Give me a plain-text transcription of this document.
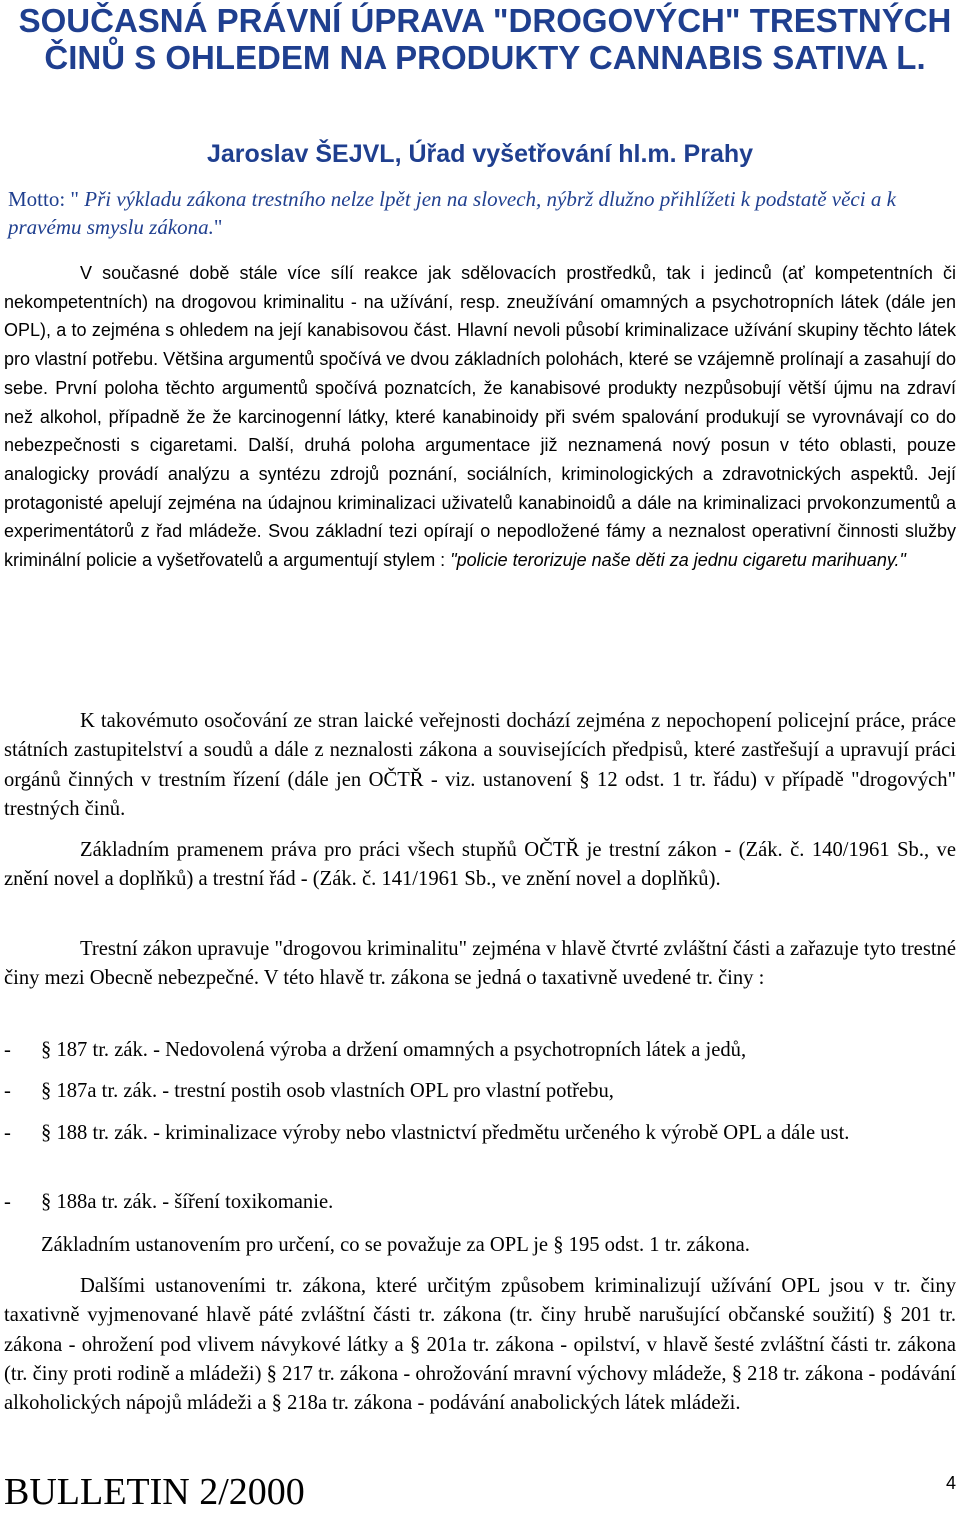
SOUČASNÁ PRÁVNÍ ÚPRAVA "DROGOVÝCH" TRESTNÝCH ČINŮ S OHLEDEM NA PRODUKTY CANNABIS SATIVA L.
Jaroslav ŠEJVL, Úřad vyšetřování hl.m. Prahy

Motto: " Při výkladu zákona trestního nelze lpět jen na slovech, nýbrž dlužno přihlížeti k podstatě věci a k pravému smyslu zákona."

V současné době stále více sílí reakce jak sdělovacích prostředků, tak i jedinců (ať kompetentních či nekompetentních) na drogovou kriminalitu - na užívání, resp. zneužívání omamných a psychotropních látek (dále jen OPL), a to zejména s ohledem na její kanabisovou část. Hlavní nevoli působí kriminalizace užívání skupiny těchto látek pro vlastní potřebu. Většina argumentů spočívá ve dvou základních polohách, které se vzájemně prolínají a zasahují do sebe. První poloha těchto argumentů spočívá poznatcích, že kanabisové produkty nezpůsobují větší újmu na zdraví než alkohol, případně že že karcinogenní látky, které kanabinoidy při svém spalování produkují se vyrovnávají co do nebezpečnosti s cigaretami. Další, druhá poloha argumentace již neznamená nový posun v této oblasti, pouze analogicky provádí analýzu a syntézu zdrojů poznání, sociálních, kriminologických a zdravotnických aspektů. Její protagonisté apelují zejména na údajnou kriminalizaci uživatelů kanabinoidů a dále na kriminalizaci prvokonzumentů a experimentátorů z řad mládeže. Svou základní tezi opírají o nepodložené fámy a neznalost operativní činnosti služby kriminální policie a vyšetřovatelů a argumentují stylem : "policie terorizuje naše děti za jednu cigaretu marihuany."

K takovémuto osočování ze stran laické veřejnosti dochází zejména z nepochopení policejní práce, práce státních zastupitelství a soudů a dále z neznalosti zákona a souvisejících předpisů, které zastřešují a upravují práci orgánů činných v trestním řízení (dále jen OČTŘ - viz. ustanovení § 12 odst. 1 tr. řádu) v případě "drogových" trestných činů.

Základním pramenem práva pro práci všech stupňů OČTŘ je trestní zákon - (Zák. č. 140/1961 Sb., ve znění novel a doplňků) a trestní řád - (Zák. č. 141/1961 Sb., ve znění novel a doplňků).

Trestní zákon upravuje "drogovou kriminalitu" zejména v hlavě čtvrté zvláštní části a zařazuje tyto trestné činy mezi Obecně nebezpečné. V této hlavě tr. zákona se jedná o taxativně uvedené tr. činy :

- § 187 tr. zák. - Nedovolená výroba a držení omamných a psychotropních látek a jedů,
- § 187a tr. zák. - trestní postih osob vlastních OPL pro vlastní potřebu,
- § 188 tr. zák. - kriminalizace výroby nebo vlastnictví předmětu určeného k výrobě OPL a dále ust.
- § 188a tr. zák. - šíření toxikomanie.

Základním ustanovením pro určení, co se považuje za OPL je § 195 odst. 1 tr. zákona.

Dalšími ustanoveními tr. zákona, které určitým způsobem kriminalizují užívání OPL jsou v tr. činy taxativně vyjmenované hlavě páté zvláštní části tr. zákona (tr. činy hrubě narušující občanské soužití) § 201 tr. zákona - ohrožení pod vlivem návykové látky a § 201a tr. zákona - opilství, v hlavě šesté zvláštní části tr. zákona (tr. činy proti rodině a mládeži) § 217 tr. zákona - ohrožování mravní výchovy mládeže, § 218 tr. zákona - podávání alkoholických nápojů mládeži a § 218a tr. zákona - podávání anabolických látek mládeži.

BULLETIN 2/2000	4
